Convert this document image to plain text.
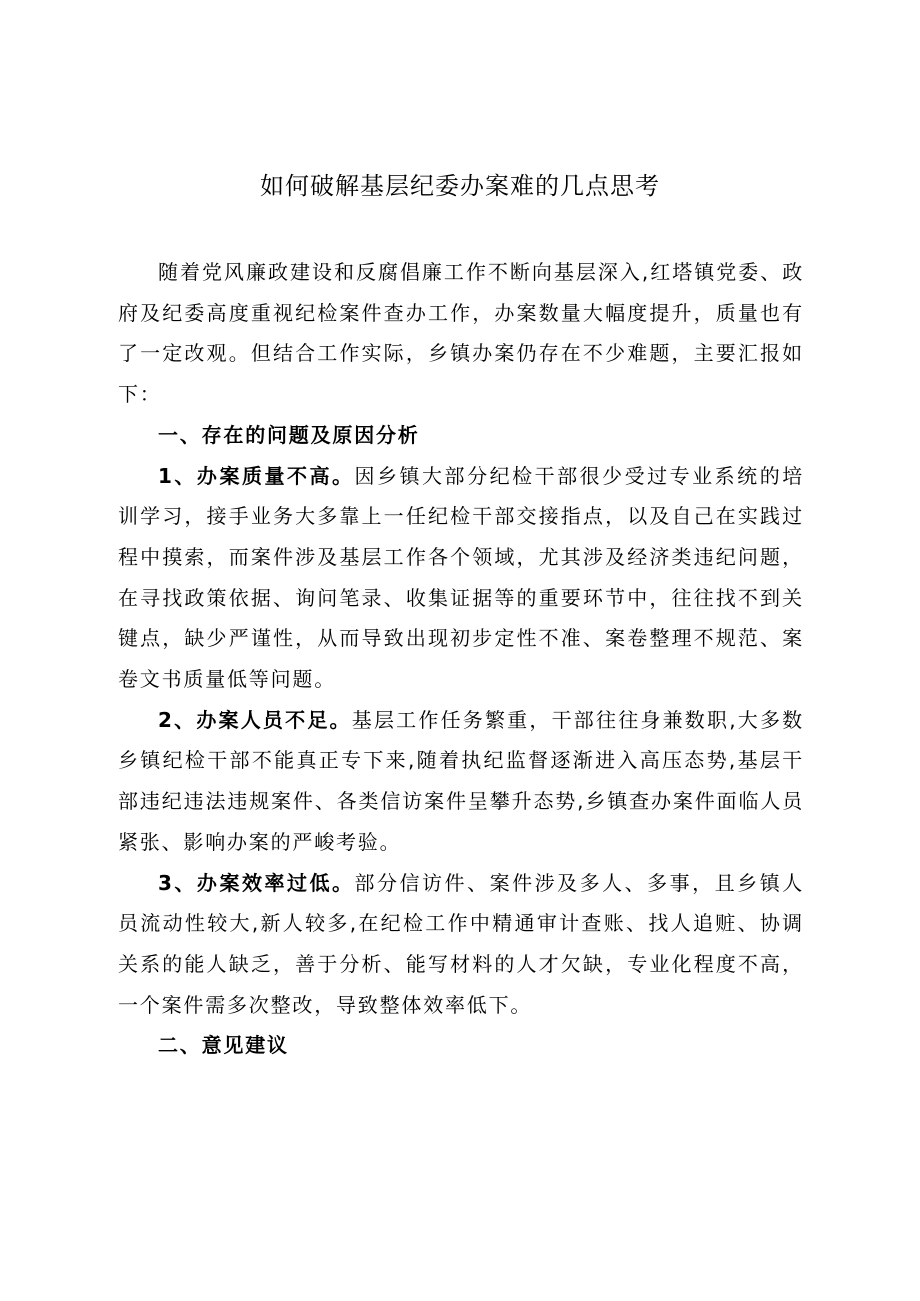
如何破解基层纪委办案难的几点思考

随着党风廉政建设和反腐倡廉工作不断向基层深入,红塔镇党委、政府及纪委高度重视纪检案件查办工作，办案数量大幅度提升，质量也有了一定改观。但结合工作实际，乡镇办案仍存在不少难题，主要汇报如下：

一、存在的问题及原因分析

1、办案质量不高。因乡镇大部分纪检干部很少受过专业系统的培训学习，接手业务大多靠上一任纪检干部交接指点，以及自己在实践过程中摸索，而案件涉及基层工作各个领域，尤其涉及经济类违纪问题，在寻找政策依据、询问笔录、收集证据等的重要环节中，往往找不到关键点，缺少严谨性，从而导致出现初步定性不准、案卷整理不规范、案卷文书质量低等问题。

2、办案人员不足。基层工作任务繁重，干部往往身兼数职,大多数乡镇纪检干部不能真正专下来,随着执纪监督逐渐进入高压态势,基层干部违纪违法违规案件、各类信访案件呈攀升态势,乡镇查办案件面临人员紧张、影响办案的严峻考验。

3、办案效率过低。部分信访件、案件涉及多人、多事，且乡镇人员流动性较大,新人较多,在纪检工作中精通审计查账、找人追赃、协调关系的能人缺乏，善于分析、能写材料的人才欠缺，专业化程度不高，一个案件需多次整改，导致整体效率低下。

二、意见建议
